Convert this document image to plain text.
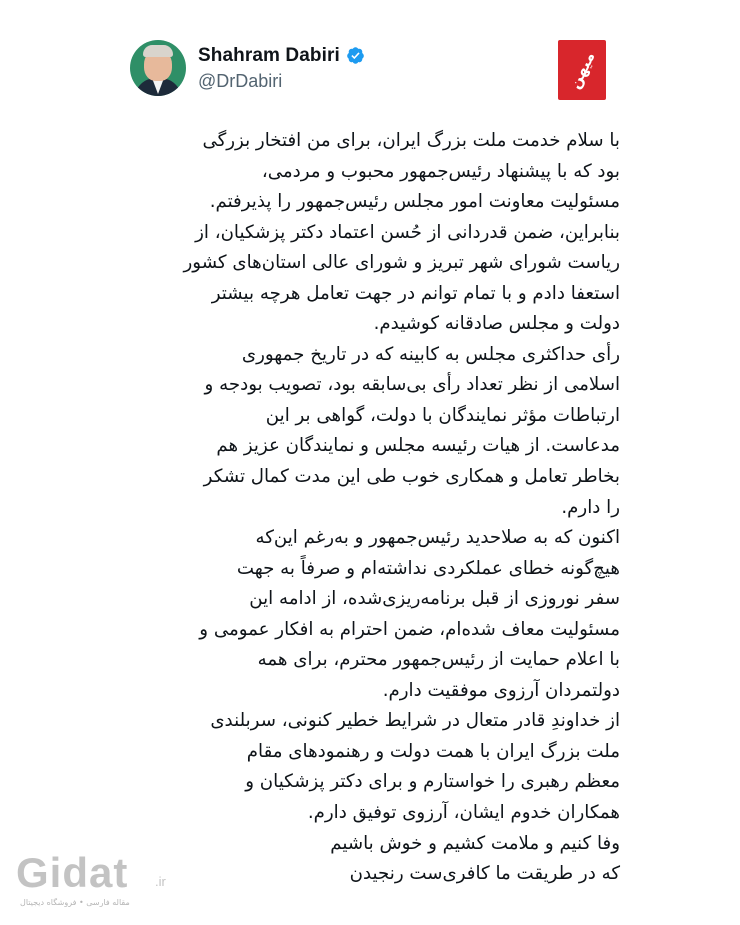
Shahram Dabiri
@DrDabiri	میهن
با سلام خدمت ملت بزرگ ایران، برای من افتخار بزرگی
بود که با پیشنهاد رئیس‌جمهور محبوب و مردمی،
مسئولیت معاونت امور مجلس رئیس‌جمهور را پذیرفتم.
بنابراین، ضمن قدردانی از حُسن اعتماد دکتر پزشکیان، از
ریاست شورای شهر تبریز و شورای عالی استان‌های کشور
استعفا دادم و با تمام توانم در جهت تعامل هرچه بیشتر
دولت و مجلس صادقانه کوشیدم.
رأی حداکثری مجلس به کابینه که در تاریخ جمهوری
اسلامی از نظر تعداد رأی بی‌سابقه بود، تصویب بودجه و
ارتباطات مؤثر نمایندگان با دولت، گواهی بر این
مدعاست. از هیات رئیسه مجلس و نمایندگان عزیز هم
بخاطر تعامل و همکاری خوب طی این مدت کمال تشکر
را دارم.
اکنون که به صلاحدید رئیس‌جمهور و به‌رغم این‌که
هیچ‌گونه خطای عملکردی نداشته‌ام و صرفاً به جهت
سفر نوروزی از قبل برنامه‌ریزی‌شده، از ادامه این
مسئولیت معاف شده‌ام، ضمن احترام به افکار عمومی و
با اعلام حمایت از رئیس‌جمهور محترم، برای همه
دولتمردان آرزوی موفقیت دارم.
از خداوندِ قادر متعال در شرایط خطیر کنونی، سربلندی
ملت بزرگ ایران با همت دولت و رهنمودهای مقام
معظم رهبری را خواستارم و برای دکتر پزشکیان و
همکاران خدوم ایشان، آرزوی توفیق دارم.
وفا کنیم و ملامت کشیم و خوش باشیم
که در طریقت ما کافری‌ست رنجیدن
Gidat .ir
مقاله فارسی • فروشگاه دیجیتال
